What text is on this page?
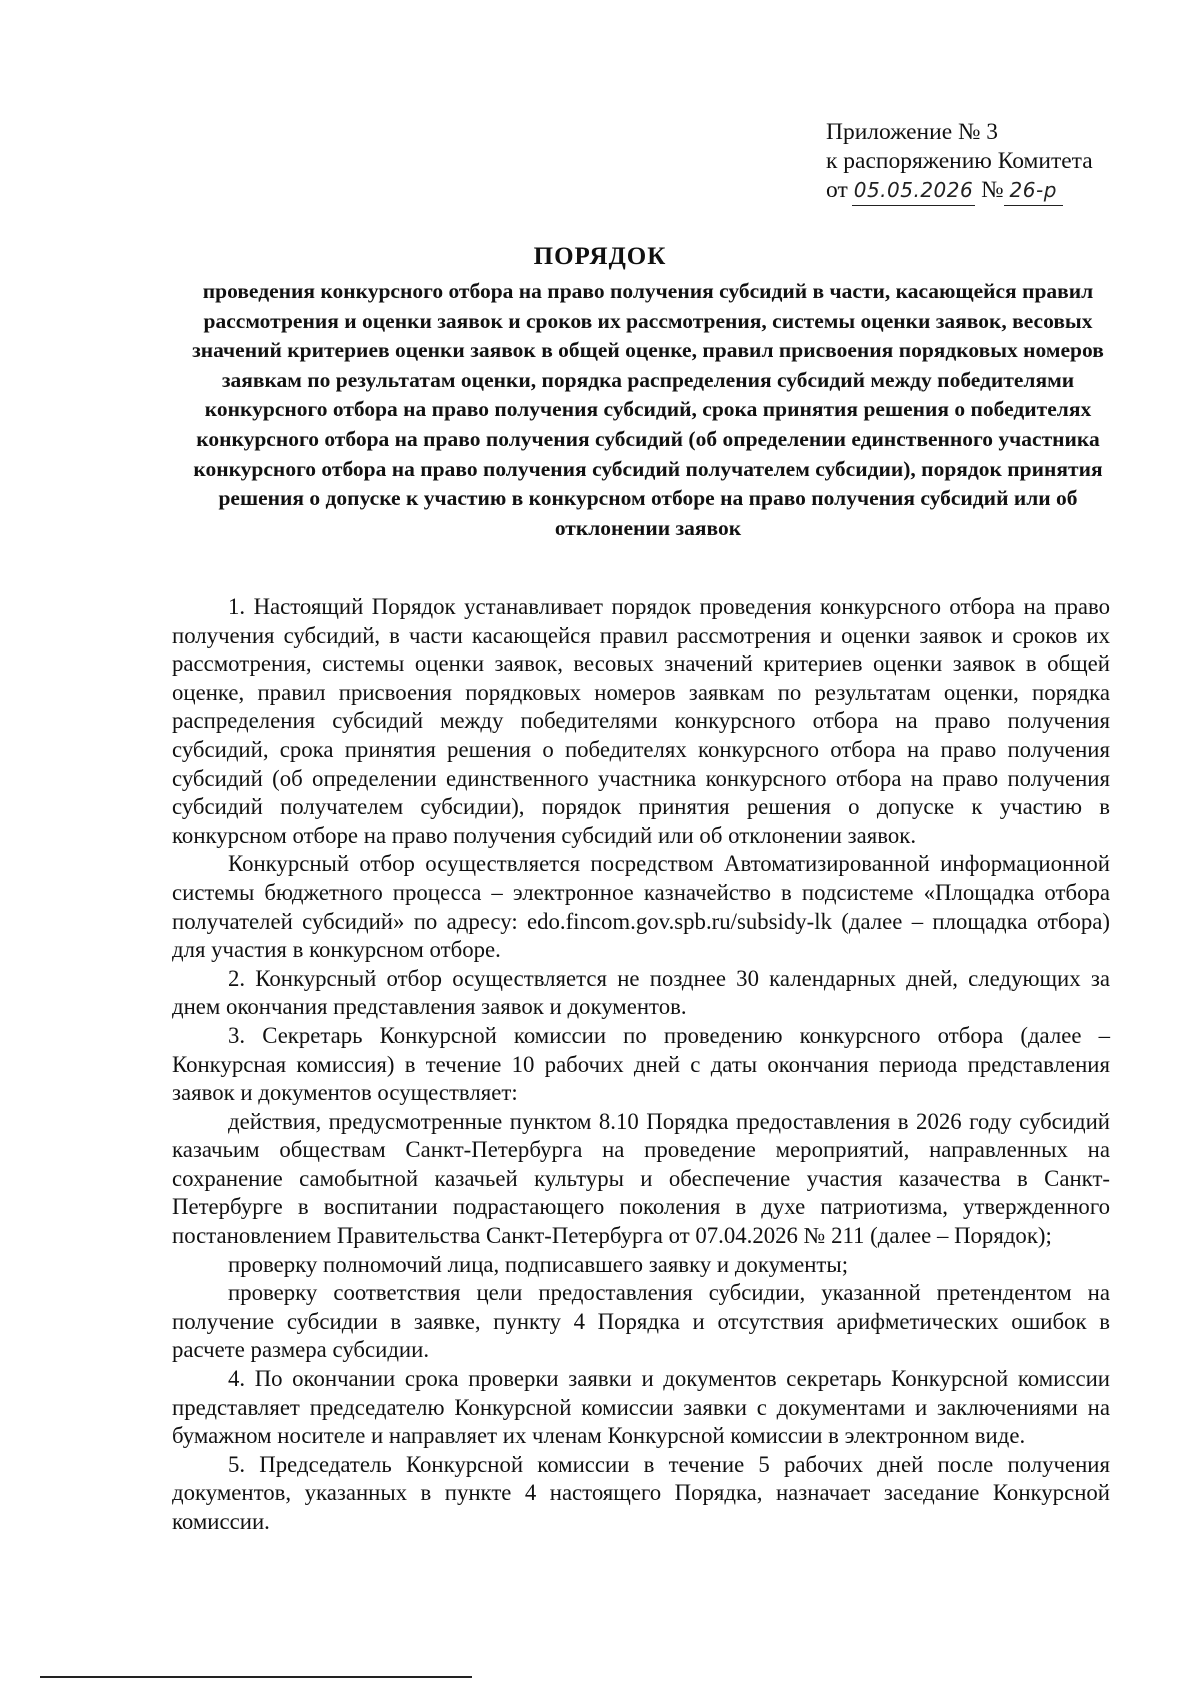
Приложение № 3
к распоряжению Комитета
от 05.05.2026 № 26-р
ПОРЯДОК
проведения конкурсного отбора на право получения субсидий в части, касающейся правил рассмотрения и оценки заявок и сроков их рассмотрения, системы оценки заявок, весовых значений критериев оценки заявок в общей оценке, правил присвоения порядковых номеров заявкам по результатам оценки, порядка распределения субсидий между победителями конкурсного отбора на право получения субсидий, срока принятия решения о победителях конкурсного отбора на право получения субсидий (об определении единственного участника конкурсного отбора на право получения субсидий получателем субсидии), порядок принятия решения о допуске к участию в конкурсном отборе на право получения субсидий или об отклонении заявок

1. Настоящий Порядок устанавливает порядок проведения конкурсного отбора на право получения субсидий, в части касающейся правил рассмотрения и оценки заявок и сроков их рассмотрения, системы оценки заявок, весовых значений критериев оценки заявок в общей оценке, правил присвоения порядковых номеров заявкам по результатам оценки, порядка распределения субсидий между победителями конкурсного отбора на право получения субсидий, срока принятия решения о победителях конкурсного отбора на право получения субсидий (об определении единственного участника конкурсного отбора на право получения субсидий получателем субсидии), порядок принятия решения о допуске к участию в конкурсном отборе на право получения субсидий или об отклонении заявок.

Конкурсный отбор осуществляется посредством Автоматизированной информационной системы бюджетного процесса – электронное казначейство в подсистеме «Площадка отбора получателей субсидий» по адресу: edo.fincom.gov.spb.ru/subsidy-lk (далее – площадка отбора) для участия в конкурсном отборе.

2. Конкурсный отбор осуществляется не позднее 30 календарных дней, следующих за днем окончания представления заявок и документов.

3. Секретарь Конкурсной комиссии по проведению конкурсного отбора (далее – Конкурсная комиссия) в течение 10 рабочих дней с даты окончания периода представления заявок и документов осуществляет:

действия, предусмотренные пунктом 8.10 Порядка предоставления в 2026 году субсидий казачьим обществам Санкт-Петербурга на проведение мероприятий, направленных на сохранение самобытной казачьей культуры и обеспечение участия казачества в Санкт-Петербурге в воспитании подрастающего поколения в духе патриотизма, утвержденного постановлением Правительства Санкт-Петербурга от 07.04.2026 № 211 (далее – Порядок);

проверку полномочий лица, подписавшего заявку и документы;

проверку соответствия цели предоставления субсидии, указанной претендентом на получение субсидии в заявке, пункту 4 Порядка и отсутствия арифметических ошибок в расчете размера субсидии.

4. По окончании срока проверки заявки и документов секретарь Конкурсной комиссии представляет председателю Конкурсной комиссии заявки с документами и заключениями на бумажном носителе и направляет их членам Конкурсной комиссии в электронном виде.

5. Председатель Конкурсной комиссии в течение 5 рабочих дней после получения документов, указанных в пункте 4 настоящего Порядка, назначает заседание Конкурсной комиссии.
